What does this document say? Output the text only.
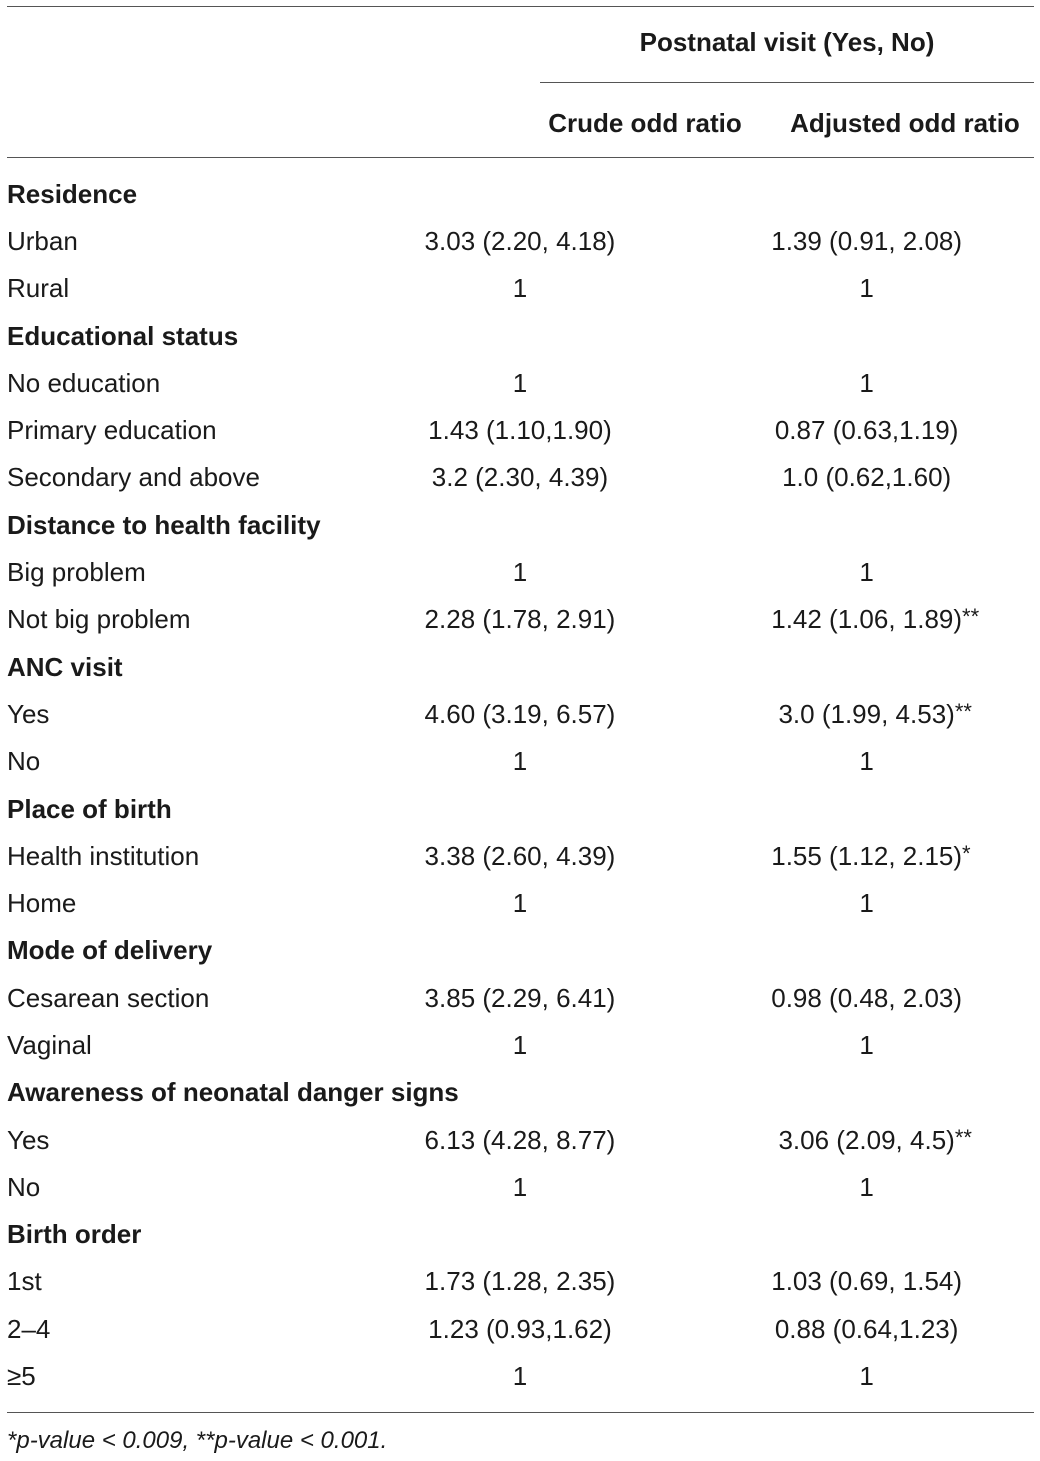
Postnatal visit (Yes, No)
Crude odd ratio	Adjusted odd ratio
Residence		
Urban	3.03 (2.20, 4.18)	1.39 (0.91, 2.08)
Rural	1	1
Educational status		
No education	1	1
Primary education	1.43 (1.10,1.90)	0.87 (0.63,1.19)
Secondary and above	3.2 (2.30, 4.39)	1.0 (0.62,1.60)
Distance to health facility		
Big problem	1	1
Not big problem	2.28 (1.78, 2.91)	1.42 (1.06, 1.89) **

ANC visit		
Yes	4.60 (3.19, 6.57)	3.0 (1.99, 4.53) **

No	1	1
Place of birth		
Health institution	3.38 (2.60, 4.39)	1.55 (1.12, 2.15) *

Home	1	1
Mode of delivery		
Cesarean section	3.85 (2.29, 6.41)	0.98 (0.48, 2.03)
Vaginal	1	1
Awareness of neonatal danger signs		
Yes	6.13 (4.28, 8.77)	3.06 (2.09, 4.5) **

No	1	1
Birth order		
1st	1.73 (1.28, 2.35)	1.03 (0.69, 1.54)
2–4	1.23 (0.93,1.62)	0.88 (0.64,1.23)
≥5	1	1
*p-value < 0.009, **p-value < 0.001.
